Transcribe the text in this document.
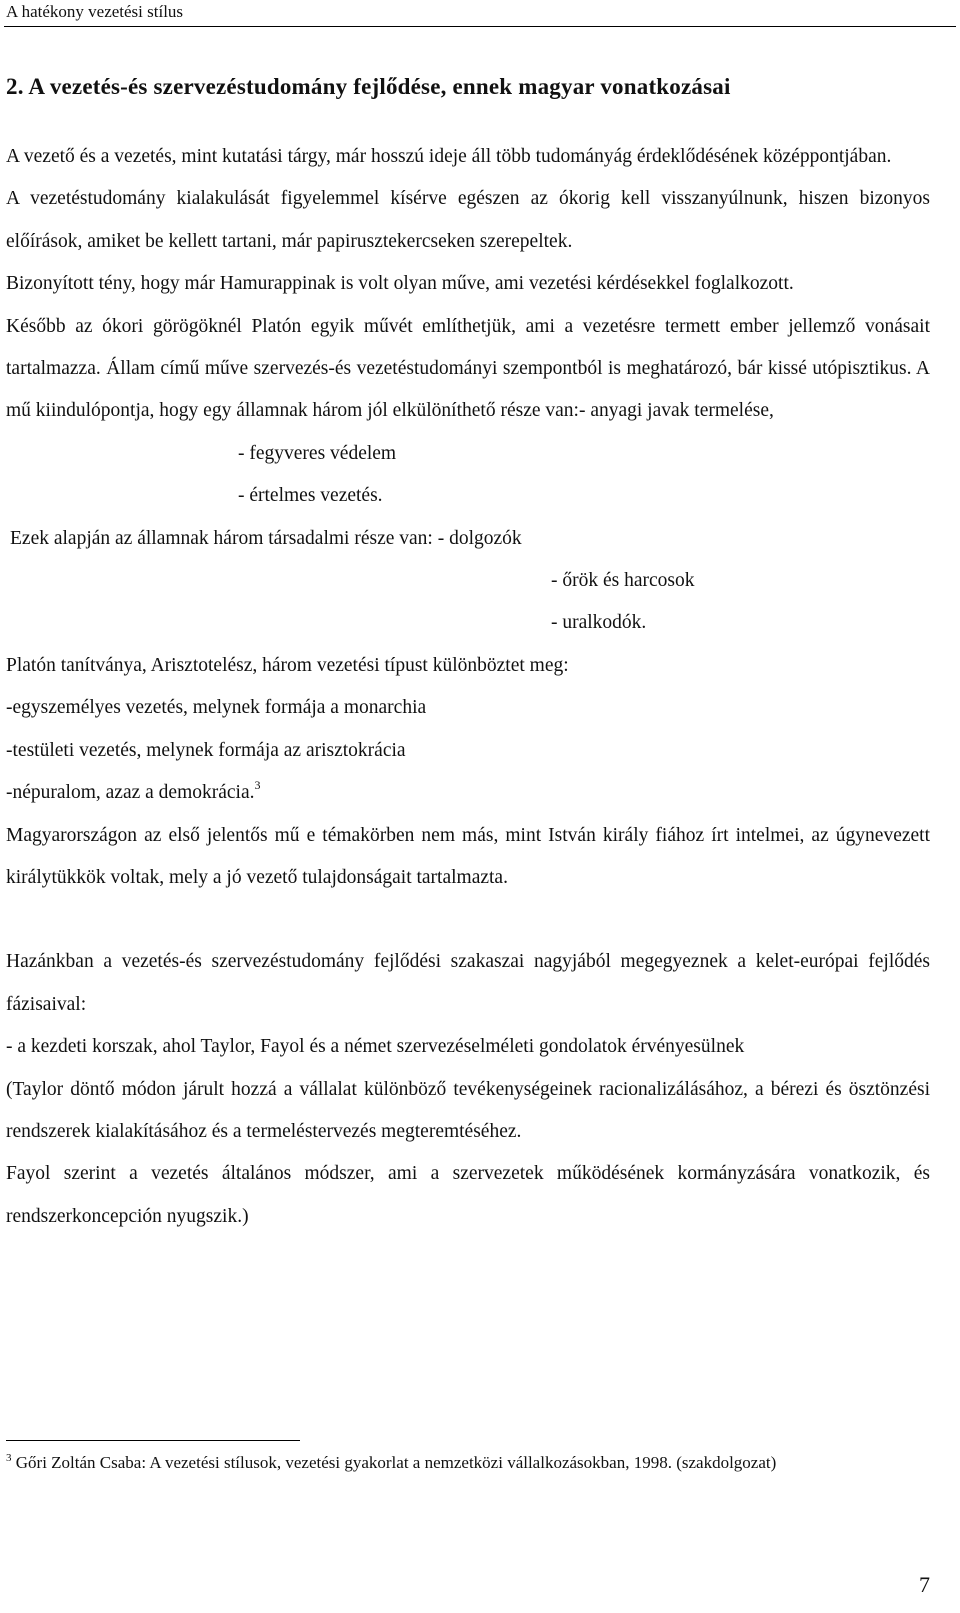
A hatékony vezetési stílus
2. A vezetés-és szervezéstudomány fejlődése, ennek magyar vonatkozásai

A vezető és a vezetés, mint kutatási tárgy, már hosszú ideje áll több tudományág érdeklődésének középpontjában.

A vezetéstudomány kialakulását figyelemmel kísérve egészen az ókorig kell visszanyúlnunk, hiszen bizonyos előírások, amiket be kellett tartani, már papirusztekercseken szerepeltek.

Bizonyított tény, hogy már Hamurappinak is volt olyan műve, ami vezetési kérdésekkel foglalkozott.

Később az ókori görögöknél Platón egyik művét említhetjük, ami a vezetésre termett ember jellemző vonásait tartalmazza. Állam című műve szervezés-és vezetéstudományi szempontból is meghatározó, bár kissé utópisztikus. A mű kiindulópontja, hogy egy államnak három jól elkülöníthető része van:- anyagi javak termelése,

- fegyveres védelem

- értelmes vezetés.

Ezek alapján az államnak három társadalmi része van: - dolgozók

- őrök és harcosok

- uralkodók.

Platón tanítványa, Arisztotelész, három vezetési típust különböztet meg:

-egyszemélyes vezetés, melynek formája a monarchia

-testületi vezetés, melynek formája az arisztokrácia

-népuralom, azaz a demokrácia.$^3$

Magyarországon az első jelentős mű e témakörben nem más, mint István király fiához írt intelmei, az úgynevezett királytükkök voltak, mely a jó vezető tulajdonságait tartalmazta.

Hazánkban a vezetés-és szervezéstudomány fejlődési szakaszai nagyjából megegyeznek a kelet-európai fejlődés fázisaival:

- a kezdeti korszak, ahol Taylor, Fayol és a német szervezéselméleti gondolatok érvényesülnek

(Taylor döntő módon járult hozzá a vállalat különböző tevékenységeinek racionalizálásához, a bérezi és ösztönzési rendszerek kialakításához és a termeléstervezés megteremtéséhez.

Fayol szerint a vezetés általános módszer, ami a szervezetek működésének kormányzására vonatkozik, és rendszerkoncepción nyugszik.)

$^3$ Gőri Zoltán Csaba: A vezetési stílusok, vezetési gyakorlat a nemzetközi vállalkozásokban, 1998. (szakdolgozat)
7
